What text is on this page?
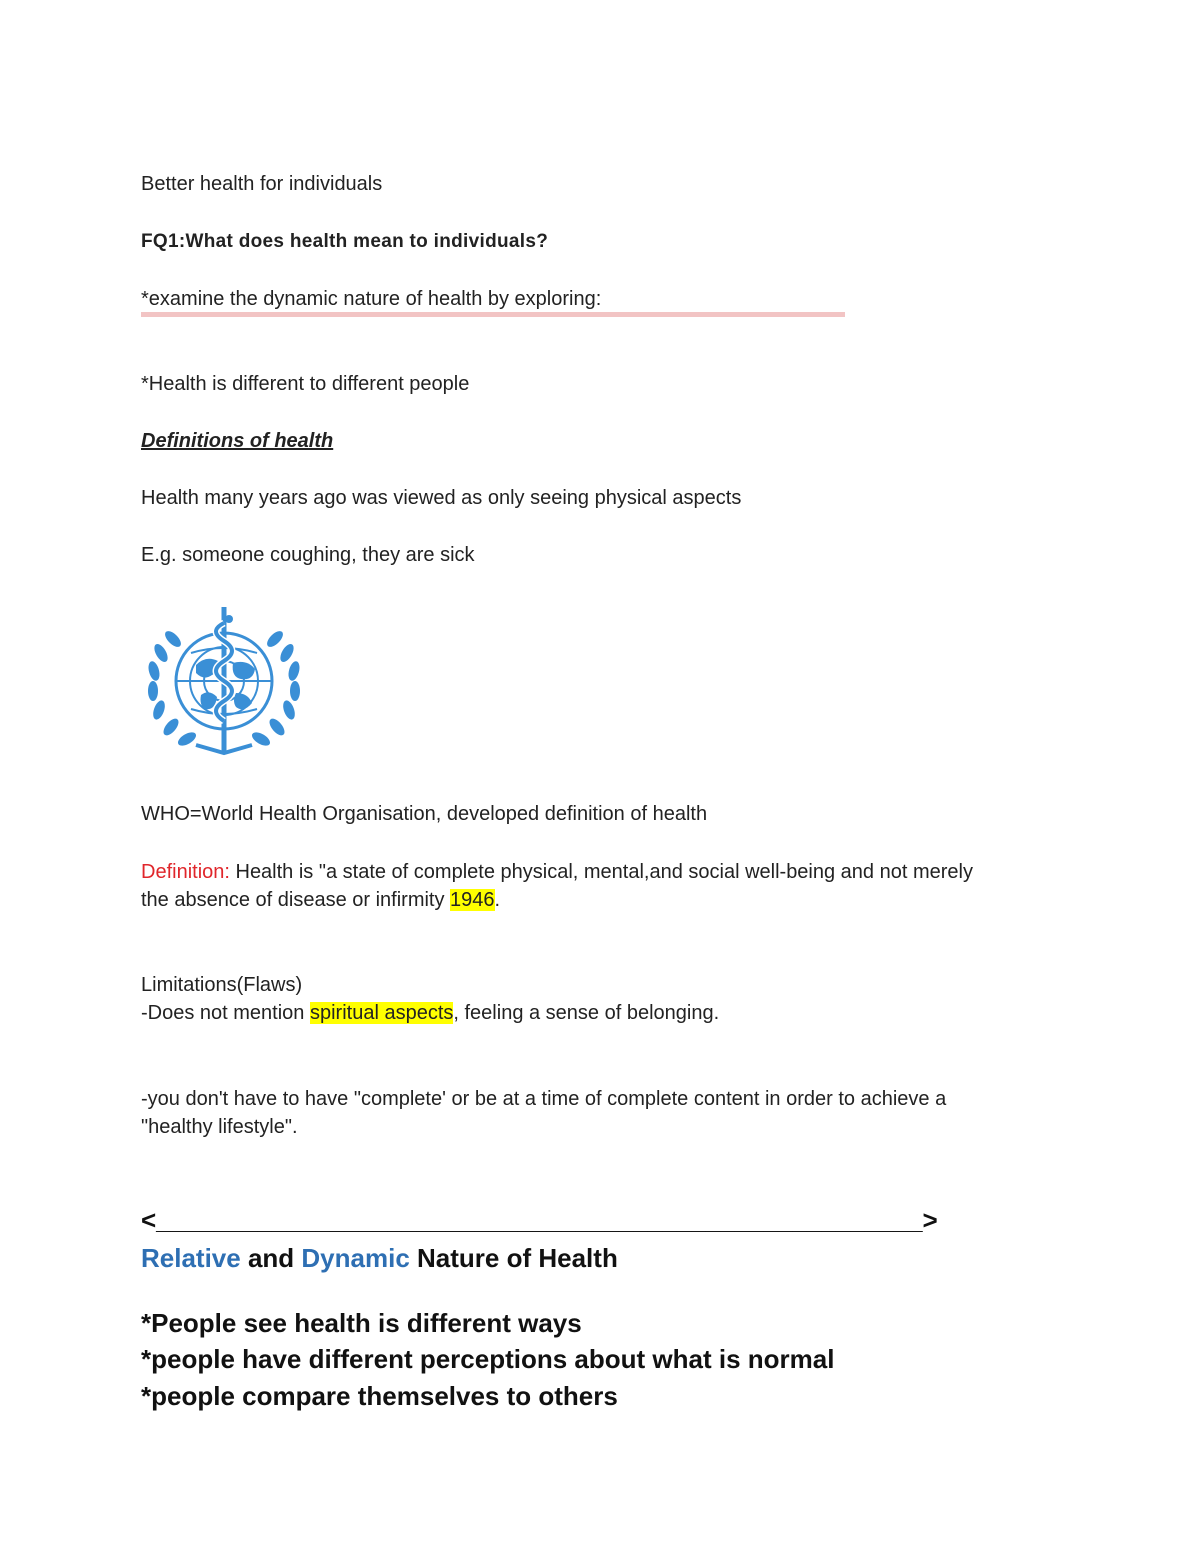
Better health for individuals
FQ1:What does health mean to individuals?
*examine the dynamic nature of health by exploring:
*Health is different to different people
Definitions of health
Health many years ago was viewed as only seeing physical aspects
E.g. someone coughing, they are sick
WHO=World Health Organisation, developed definition of health
Definition: Health is "a state of complete physical, mental,and social well-being and not merely
the absence of disease or infirmity 1946.
Limitations(Flaws)
-Does not mention spiritual aspects, feeling a sense of belonging.
-you don't have to have "complete' or be at a time of complete content in order to achieve a
"healthy lifestyle".
<_____________________________________________________>
Relative and Dynamic Nature of Health
*People see health is different ways
*people have different perceptions about what is normal
*people compare themselves to others
